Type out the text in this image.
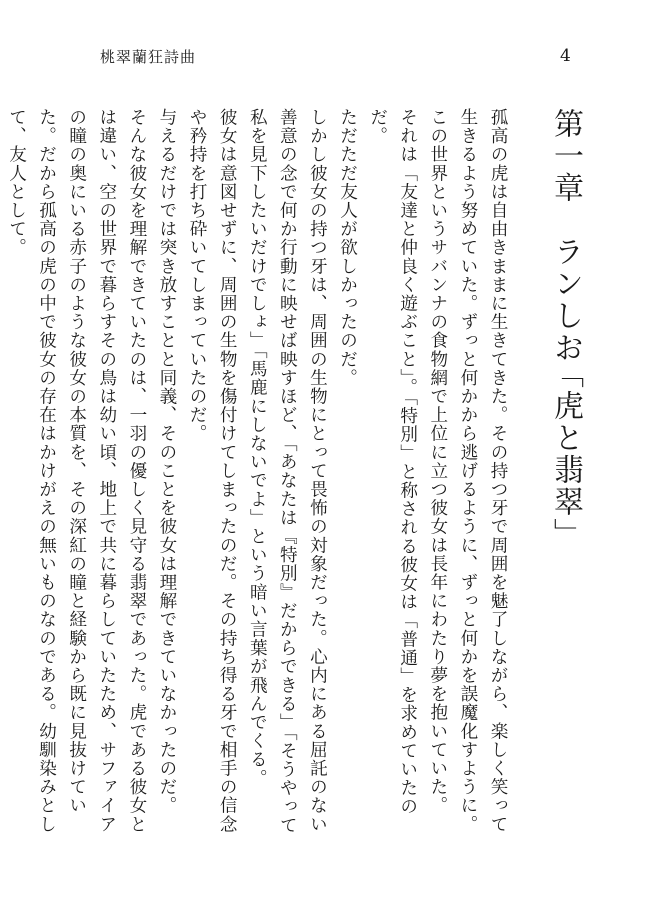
桃翠蘭狂詩曲	4
第一章　ランしお
「虎と翡翠」

孤高の虎は自由きままに生きてきた。その持つ牙で周囲を魅了しながら、楽しく笑って生きるよう努めていた。ずっと何かから逃げるように、ずっと何かを誤魔化すように。

この世界というサバンナの食物網で上位に立つ彼女は長年にわたり夢を抱いていた。

それは「友達と仲良く遊ぶこと」。「特別」と称される彼女は「普通」を求めていたのだ。

ただただ友人が欲しかったのだ。

しかし彼女の持つ牙は、周囲の生物にとって畏怖の対象だった。心内にある屈託のない善意の念で何か行動に映せば映すほど、「あなたは『特別』だからできる」「そうやって私を見下したいだけでしょ」「馬鹿にしないでよ」という暗い言葉が飛んでくる。

彼女は意図せずに、周囲の生物を傷付けてしまったのだ。その持ち得る牙で相手の信念や矜持を打ち砕いてしまっていたのだ。

与えるだけでは突き放すことと同義、そのことを彼女は理解できていなかったのだ。

そんな彼女を理解できていたのは、一羽の優しく見守る翡翠であった。虎である彼女とは違い、空の世界で暮らすその鳥は幼い頃、地上で共に暮らしていたため、サファイアの瞳の奥にいる赤子のような彼女の本質を、その深紅の瞳と経験から既に見抜けていた。だから孤高の虎の中で彼女の存在はかけがえの無いものなのである。幼馴染みとして、友人として。
